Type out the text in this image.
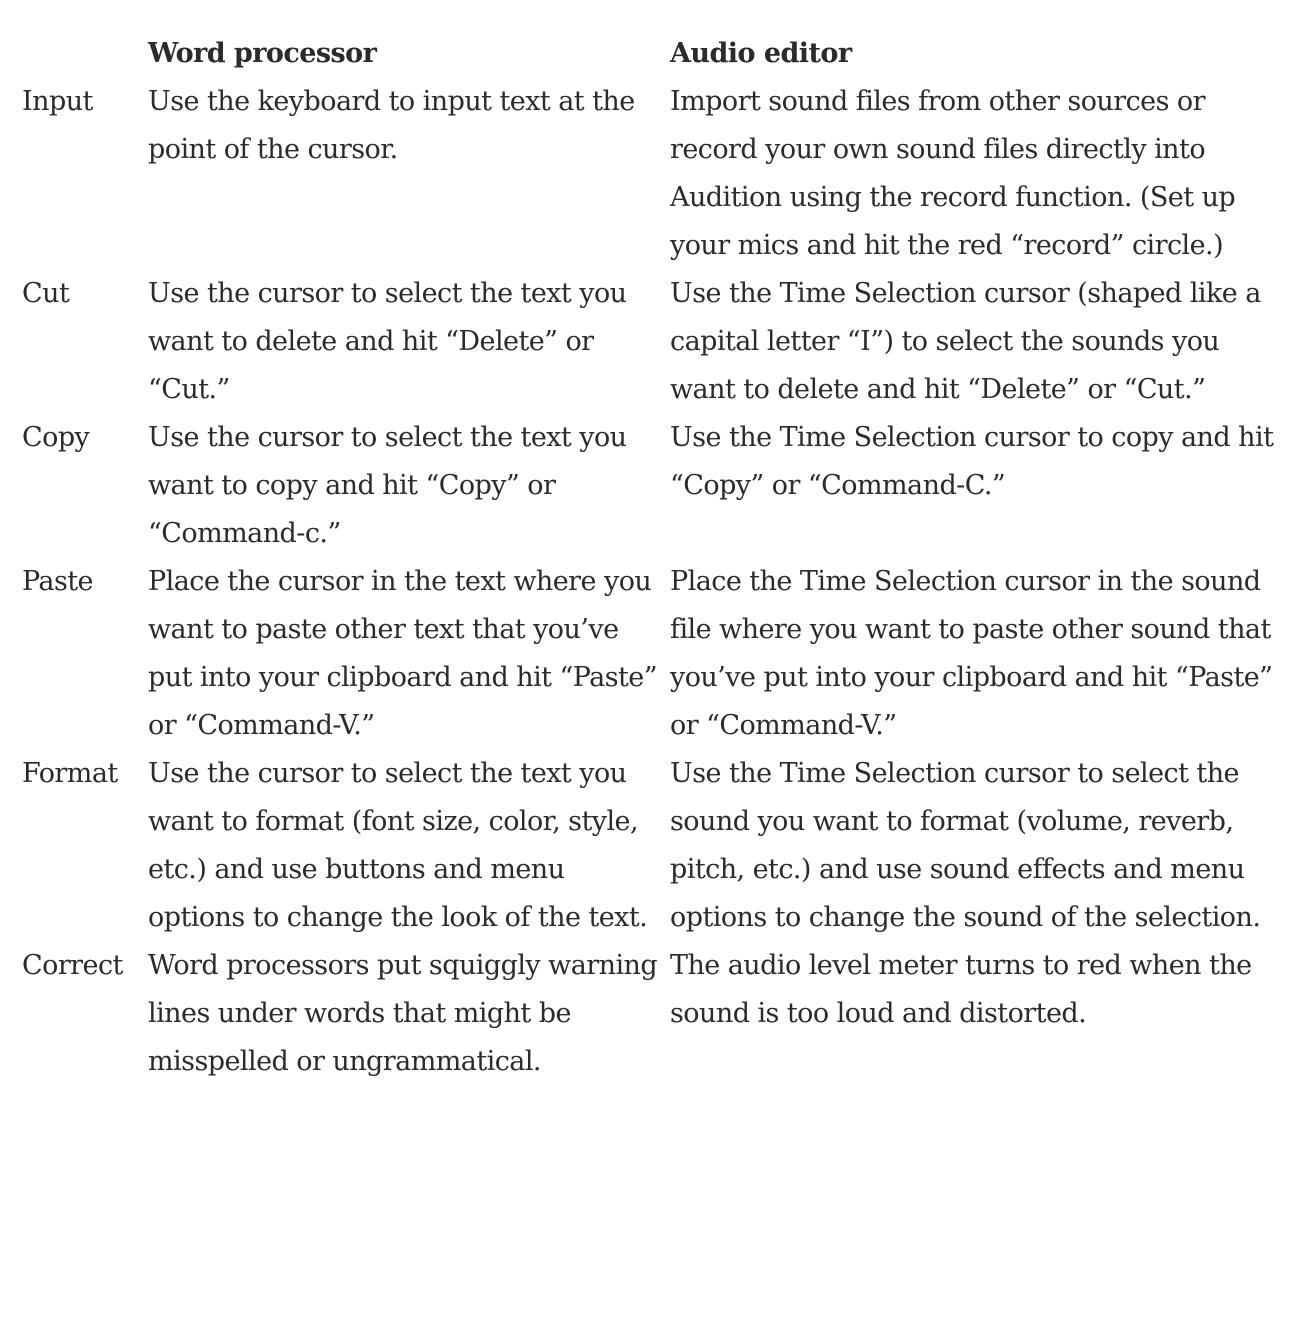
	Word processor	Audio editor
Input	Use the keyboard to input text at the point of the cursor.	Import sound files from other sources or record your own sound files directly into Audition using the record function. (Set up your mics and hit the red “record” circle.)
Cut	Use the cursor to select the text you want to delete and hit “Delete” or “Cut.”	Use the Time Selection cursor (shaped like a capital letter “I”) to select the sounds you want to delete and hit “Delete” or “Cut.”
Copy	Use the cursor to select the text you want to copy and hit “Copy” or “Command-c.”	Use the Time Selection cursor to copy and hit “Copy” or “Command-C.”
Paste	Place the cursor in the text where you want to paste other text that you’ve put into your clipboard and hit “Paste” or “Command-V.”	Place the Time Selection cursor in the sound file where you want to paste other sound that you’ve put into your clipboard and hit “Paste” or “Command-V.”
Format	Use the cursor to select the text you want to format (font size, color, style, etc.) and use buttons and menu options to change the look of the text.	Use the Time Selection cursor to select the sound you want to format (volume, reverb, pitch, etc.) and use sound effects and menu options to change the sound of the selection.
Correct	Word processors put squiggly warning lines under words that might be misspelled or ungrammatical.	The audio level meter turns to red when the sound is too loud and distorted.
